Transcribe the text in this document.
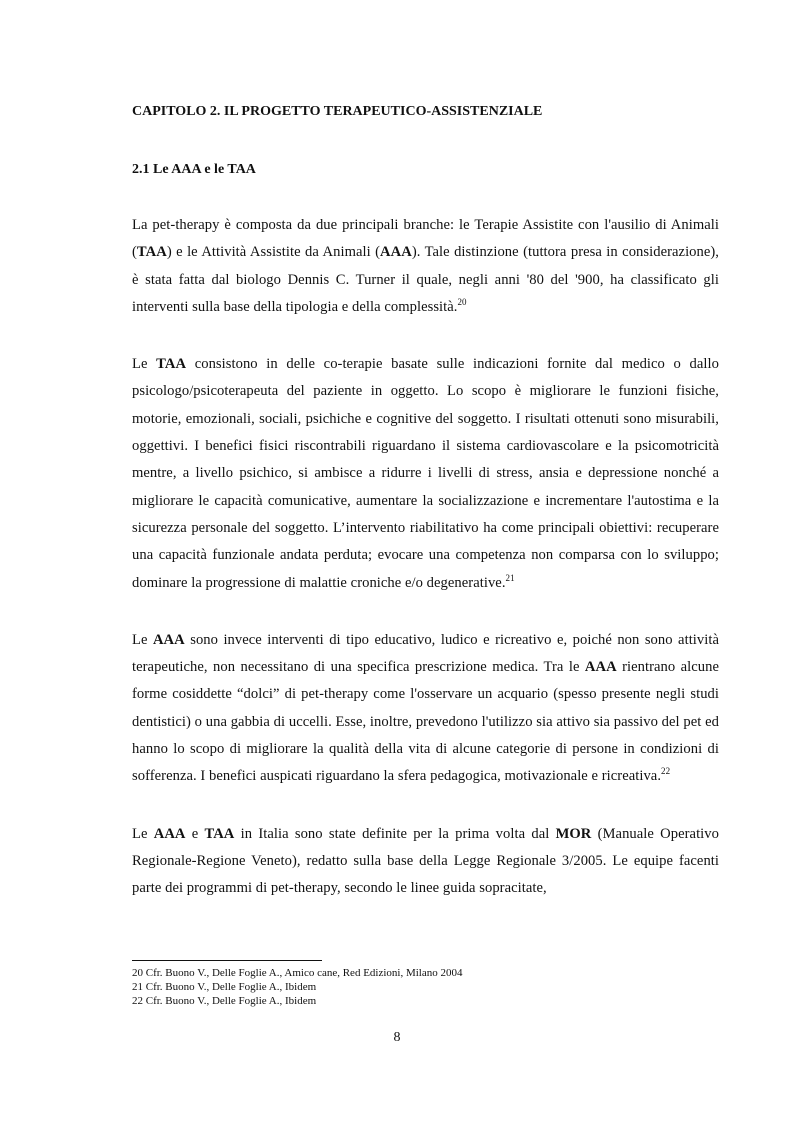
CAPITOLO 2. IL PROGETTO TERAPEUTICO-ASSISTENZIALE
2.1 Le AAA e le TAA

La pet-therapy è composta da due principali branche: le Terapie Assistite con l'ausilio di Animali (TAA) e le Attività Assistite da Animali (AAA). Tale distinzione (tuttora presa in considerazione), è stata fatta dal biologo Dennis C. Turner il quale, negli anni '80 del '900, ha classificato gli interventi sulla base della tipologia e della complessità.$^{20}$

Le TAA consistono in delle co-terapie basate sulle indicazioni fornite dal medico o dallo psicologo/psicoterapeuta del paziente in oggetto. Lo scopo è migliorare le funzioni fisiche, motorie, emozionali, sociali, psichiche e cognitive del soggetto. I risultati ottenuti sono misurabili, oggettivi. I benefici fisici riscontrabili riguardano il sistema cardiovascolare e la psicomotricità mentre, a livello psichico, si ambisce a ridurre i livelli di stress, ansia e depressione nonché a migliorare le capacità comunicative, aumentare la socializzazione e incrementare l'autostima e la sicurezza personale del soggetto. L’intervento riabilitativo ha come principali obiettivi: recuperare una capacità funzionale andata perduta; evocare una competenza non comparsa con lo sviluppo; dominare la progressione di malattie croniche e/o degenerative.$^{21}$

Le AAA sono invece interventi di tipo educativo, ludico e ricreativo e, poiché non sono attività terapeutiche, non necessitano di una specifica prescrizione medica. Tra le AAA rientrano alcune forme cosiddette “dolci” di pet-therapy come l'osservare un acquario (spesso presente negli studi dentistici) o una gabbia di uccelli. Esse, inoltre, prevedono l'utilizzo sia attivo sia passivo del pet ed hanno lo scopo di migliorare la qualità della vita di alcune categorie di persone in condizioni di sofferenza. I benefici auspicati riguardano la sfera pedagogica, motivazionale e ricreativa.$^{22}$

Le AAA e TAA in Italia sono state definite per la prima volta dal MOR (Manuale Operativo Regionale-Regione Veneto), redatto sulla base della Legge Regionale 3/2005. Le equipe facenti parte dei programmi di pet-therapy, secondo le linee guida sopracitate,

20 Cfr. Buono V., Delle Foglie A., Amico cane, Red Edizioni, Milano 2004
21 Cfr. Buono V., Delle Foglie A., Ibidem
22 Cfr. Buono V., Delle Foglie A., Ibidem
8
